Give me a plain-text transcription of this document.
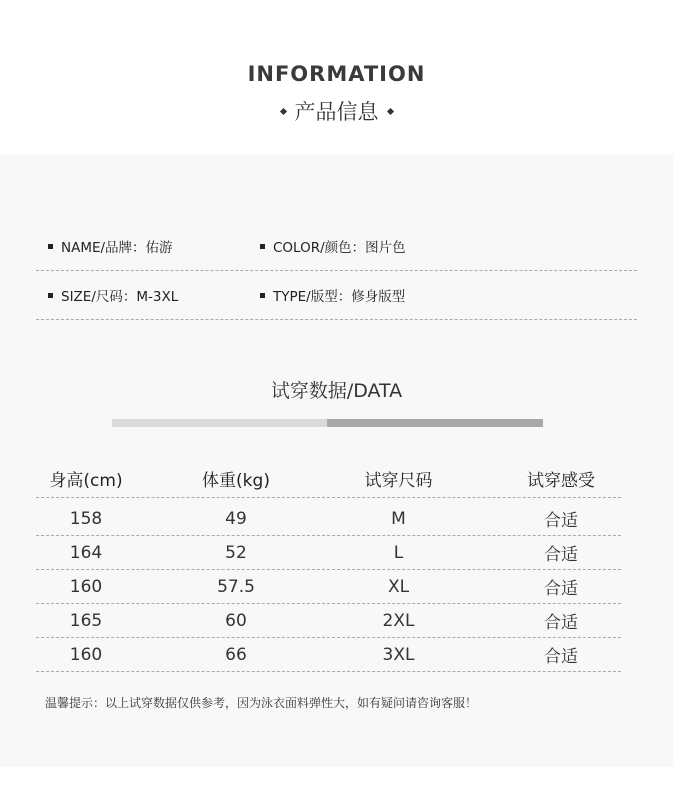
INFORMATION
产品信息
NAME/品牌：佑游	COLOR/颜色：图片色
SIZE/尺码：M-3XL	TYPE/版型：修身版型
试穿数据/DATA
身高(cm)	体重(kg)	试穿尺码	试穿感受
158	49	M	合适
164	52	L	合适
160	57.5	XL	合适
165	60	2XL	合适
160	66	3XL	合适
温馨提示：以上试穿数据仅供参考，因为泳衣面料弹性大，如有疑问请咨询客服！
